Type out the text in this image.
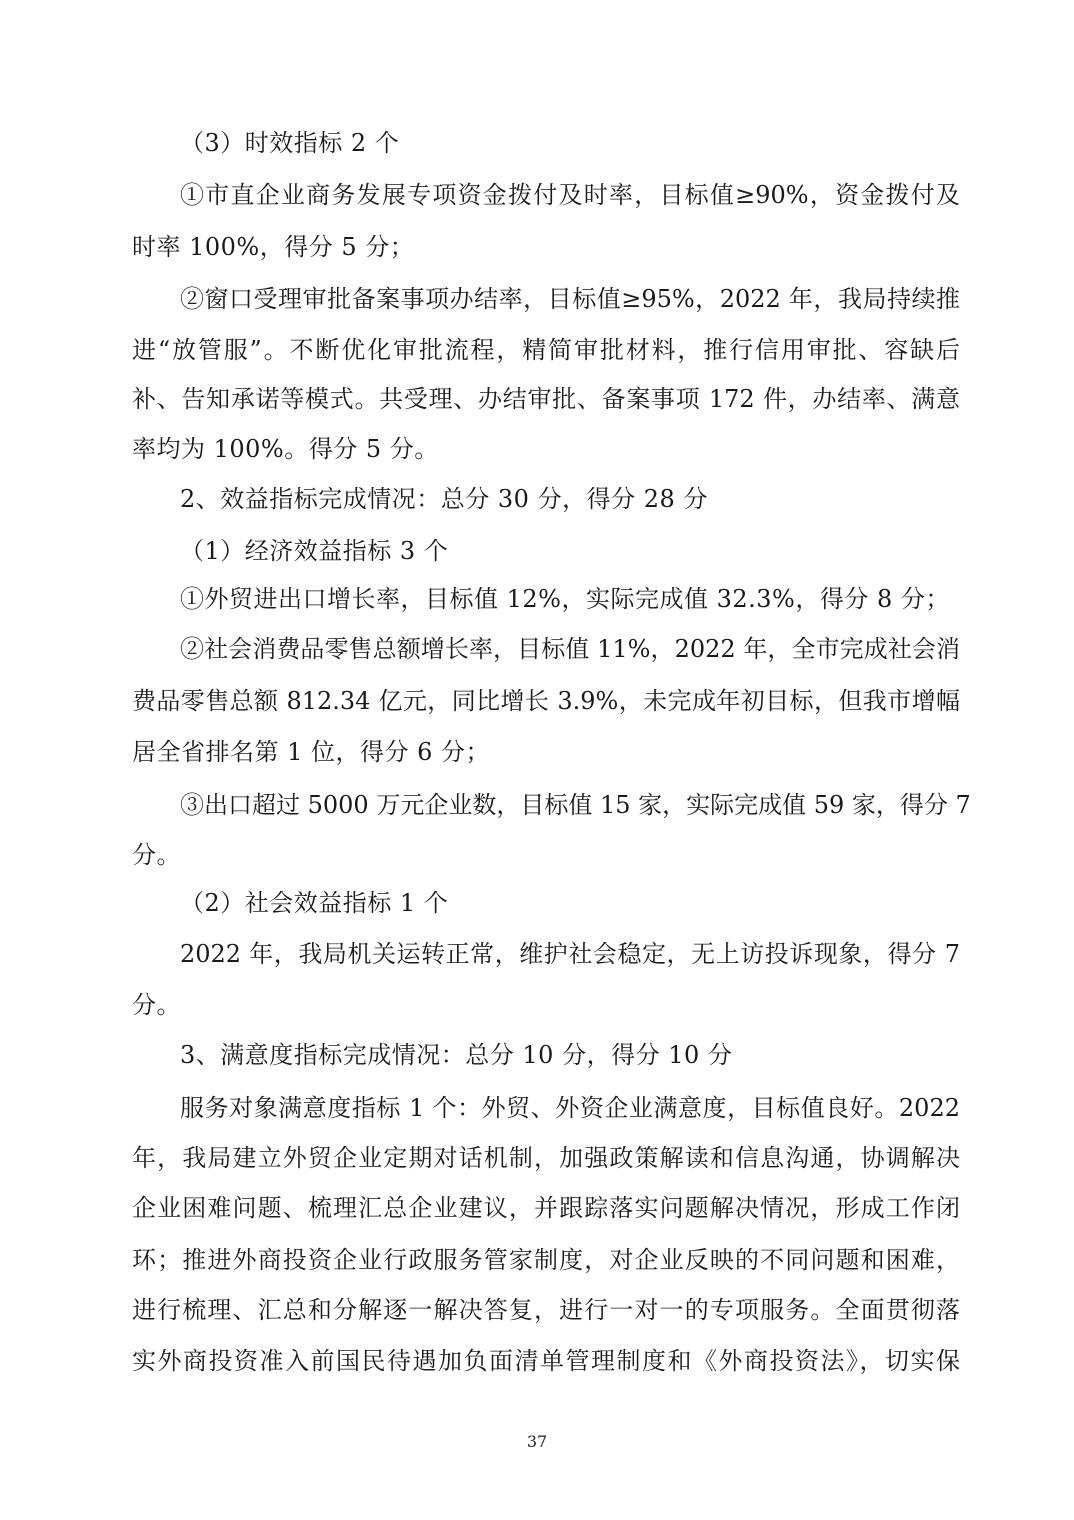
（3）时效指标 2 个
①市直企业商务发展专项资金拨付及时率，目标值≥90%，资金拨付及
时率 100%，得分 5 分；
②窗口受理审批备案事项办结率，目标值≥95%，2022 年，我局持续推
进“放管服”。不断优化审批流程，精简审批材料，推行信用审批、容缺后
补、告知承诺等模式。共受理、办结审批、备案事项 172 件，办结率、满意
率均为 100%。得分 5 分。
2、效益指标完成情况：总分 30 分，得分 28 分
（1）经济效益指标 3 个
①外贸进出口增长率，目标值 12%，实际完成值 32.3%，得分 8 分；
②社会消费品零售总额增长率，目标值 11%，2022 年，全市完成社会消
费品零售总额 812.34 亿元，同比增长 3.9%，未完成年初目标，但我市增幅
居全省排名第 1 位，得分 6 分；
③出口超过 5000 万元企业数，目标值 15 家，实际完成值 59 家，得分 7
分。
（2）社会效益指标 1 个
2022 年，我局机关运转正常，维护社会稳定，无上访投诉现象，得分 7
分。
3、满意度指标完成情况：总分 10 分，得分 10 分
服务对象满意度指标 1 个：外贸、外资企业满意度，目标值良好。2022
年，我局建立外贸企业定期对话机制，加强政策解读和信息沟通，协调解决
企业困难问题、梳理汇总企业建议，并跟踪落实问题解决情况，形成工作闭
环；推进外商投资企业行政服务管家制度，对企业反映的不同问题和困难，
进行梳理、汇总和分解逐一解决答复，进行一对一的专项服务。全面贯彻落
实外商投资准入前国民待遇加负面清单管理制度和《外商投资法》，切实保
37
